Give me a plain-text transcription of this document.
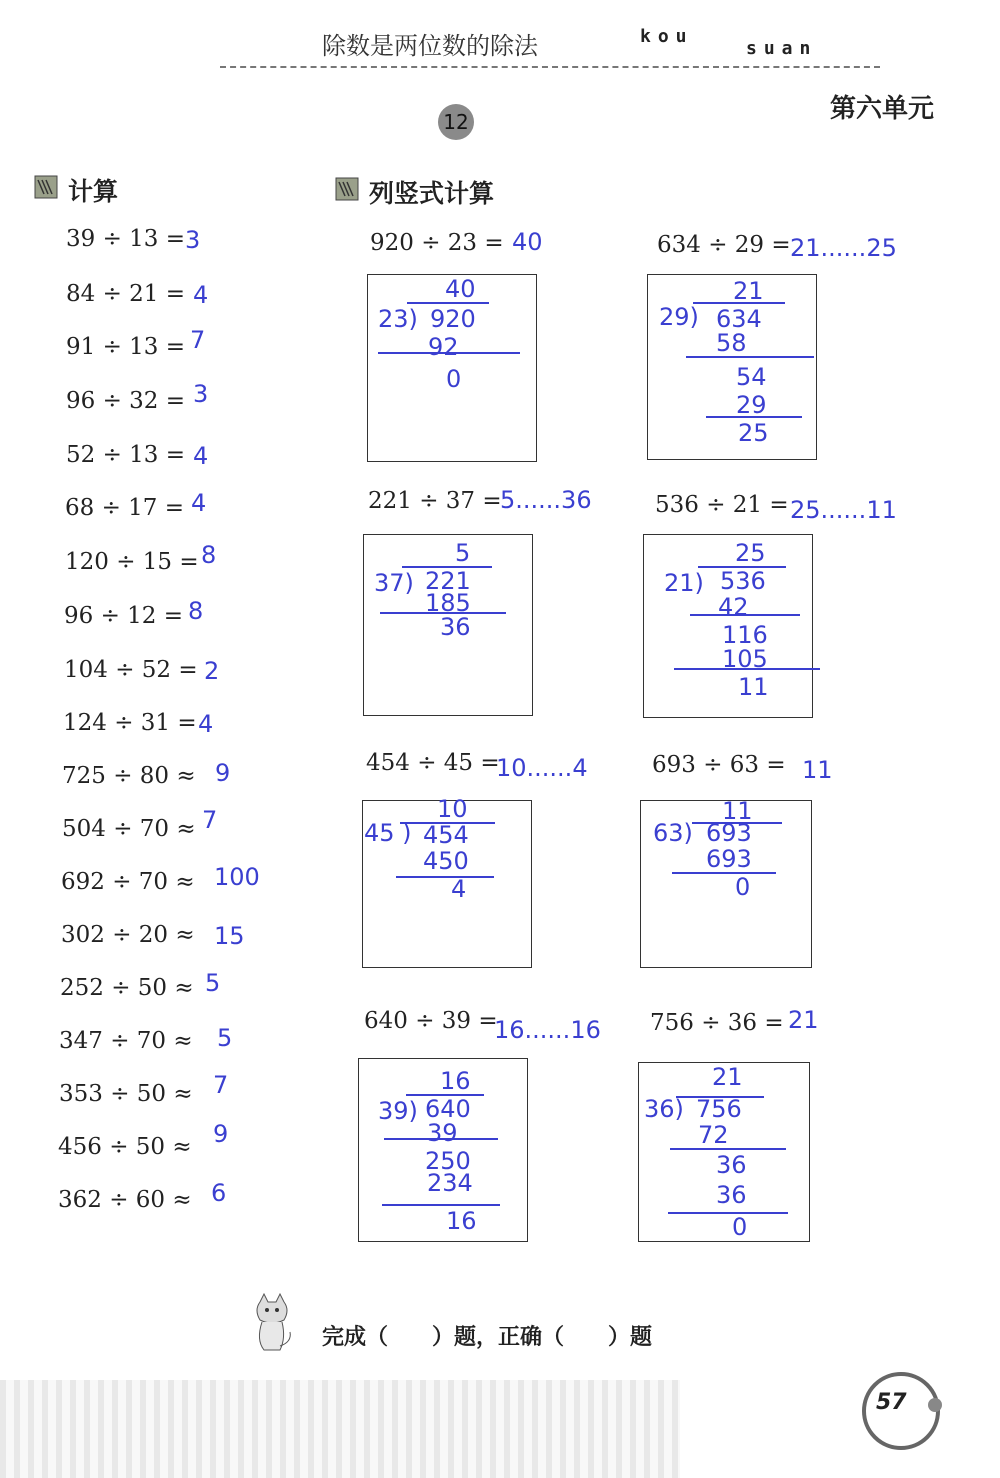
除数是两位数的除法	kou
suan
第六单元
12
计算	列竖式计算
39 ÷ 13 = 3
84 ÷ 21 = 4
91 ÷ 13 = 7
96 ÷ 32 = 3
52 ÷ 13 = 4
68 ÷ 17 = 4
120 ÷ 15 = 8
96 ÷ 12 = 8
104 ÷ 52 = 2
124 ÷ 31 = 4
725 ÷ 80 ≈ 9
504 ÷ 70 ≈ 7
692 ÷ 70 ≈ 100
302 ÷ 20 ≈ 15
252 ÷ 50 ≈ 5
347 ÷ 70 ≈ 5
353 ÷ 50 ≈ 7
456 ÷ 50 ≈ 9
362 ÷ 60 ≈ 6
920 ÷ 23 = 40
40
23) 920
92
0
634 ÷ 29 = 21......25
21
29) 634
58
54
29
25
221 ÷ 37 =
5......36
5
37) 221
185
36
536 ÷ 21 = 25......11
25
21) 536
42
116
105
11
454 ÷ 45 =
10......4
10
45 ) 454
450
4
693 ÷ 63 = 11
11
63) 693
693
0
640 ÷ 39 =
16......16
16
39) 640
39
250
234
16
756 ÷ 36 = 21
21
36) 756
72
36
36
0
完成（　　）题，正确（　　）题
57
